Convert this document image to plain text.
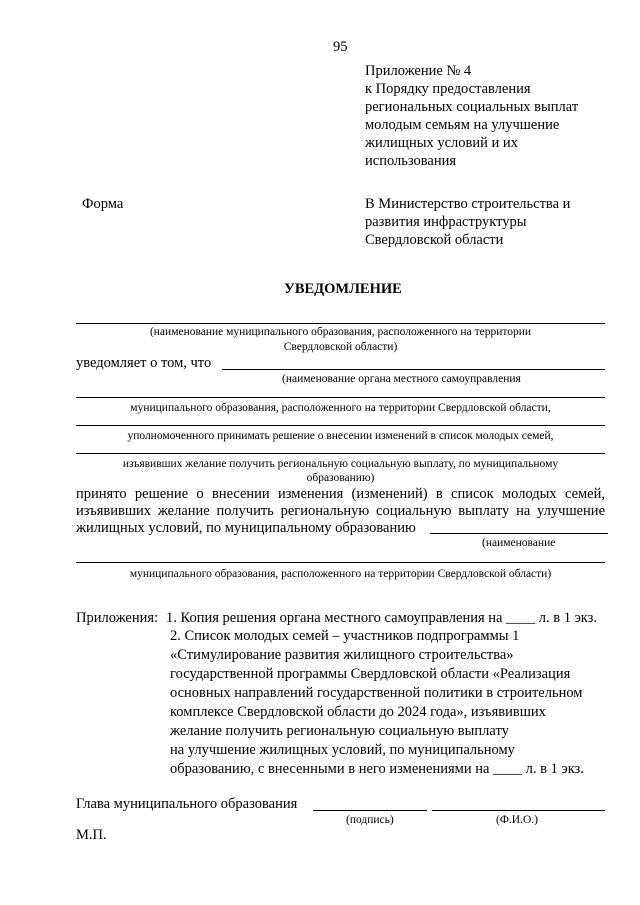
95
Приложение № 4
к Порядку предоставления
региональных социальных выплат
молодым семьям на улучшение
жилищных условий и их
использования
Форма	В Министерство строительства и
развития инфраструктуры
Свердловской области
УВЕДОМЛЕНИЕ
(наименование муниципального образования, расположенного на территории
Свердловской области)
уведомляет о том, что
(наименование органа местного самоуправления
муниципального образования, расположенного на территории Свердловской области,
уполномоченного принимать решение о внесении изменений в список молодых семей,
изъявивших желание получить региональную социальную выплату, по муниципальному
образованию)
принято решение о внесении изменения (изменений) в список молодых семей,
изъявивших желание получить региональную социальную выплату на улучшение
жилищных условий, по муниципальному образованию
(наименование
муниципального образования, расположенного на территории Свердловской области)
Приложения: 1. Копия решения органа местного самоуправления на ____ л. в 1 экз.
2. Список молодых семей – участников подпрограммы 1
«Стимулирование развития жилищного строительства»
государственной программы Свердловской области «Реализация
основных направлений государственной политики в строительном
комплексе Свердловской области до 2024 года», изъявивших
желание получить региональную социальную выплату
на улучшение жилищных условий, по муниципальному
образованию, с внесенными в него изменениями на ____ л. в 1 экз.
Глава муниципального образования
(подпись)	(Ф.И.О.)
М.П.
